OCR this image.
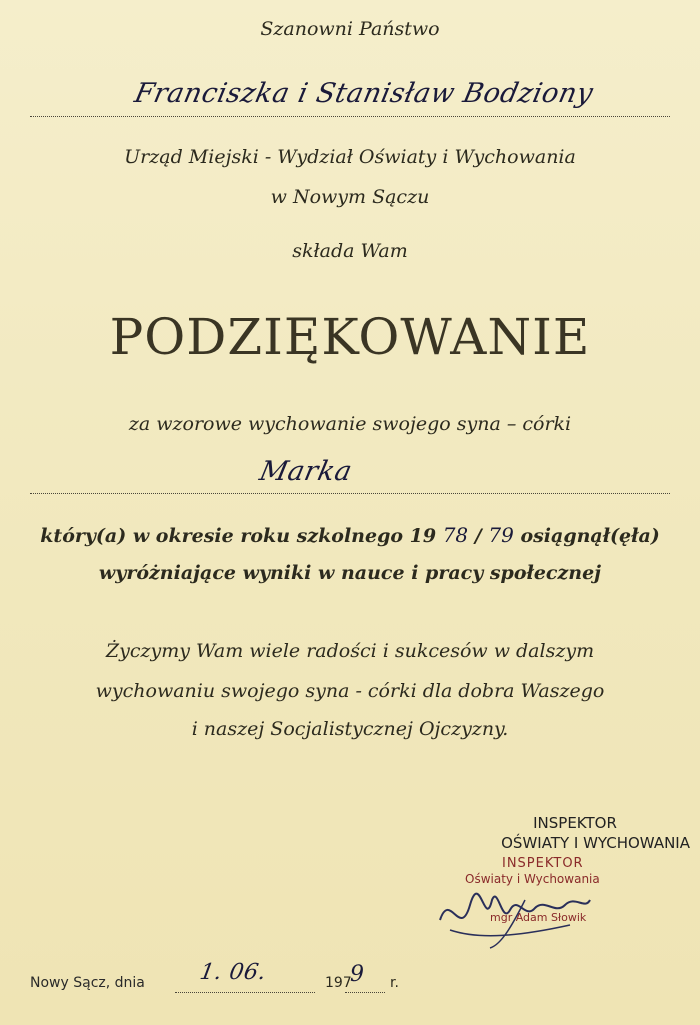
Szanowni Państwo
Franciszka i Stanisław Bodziony
Urząd Miejski - Wydział Oświaty i Wychowania
w Nowym Sączu
składa Wam
PODZIĘKOWANIE
za wzorowe wychowanie swojego syna – córki
Marka
który(a) w okresie roku szkolnego 19 78 / 79 osiągnął(ęła)
wyróżniające wyniki w nauce i pracy społecznej
Życzymy Wam wiele radości i sukcesów w dalszym
wychowaniu swojego syna - córki dla dobra Waszego
i naszej Socjalistycznej Ojczyzny.
INSPEKTOR
OŚWIATY I WYCHOWANIA
INSPEKTOR
Oświaty i Wychowania
mgr Adam Słowik
Nowy Sącz, dnia 1. 06.	197
9 r.
